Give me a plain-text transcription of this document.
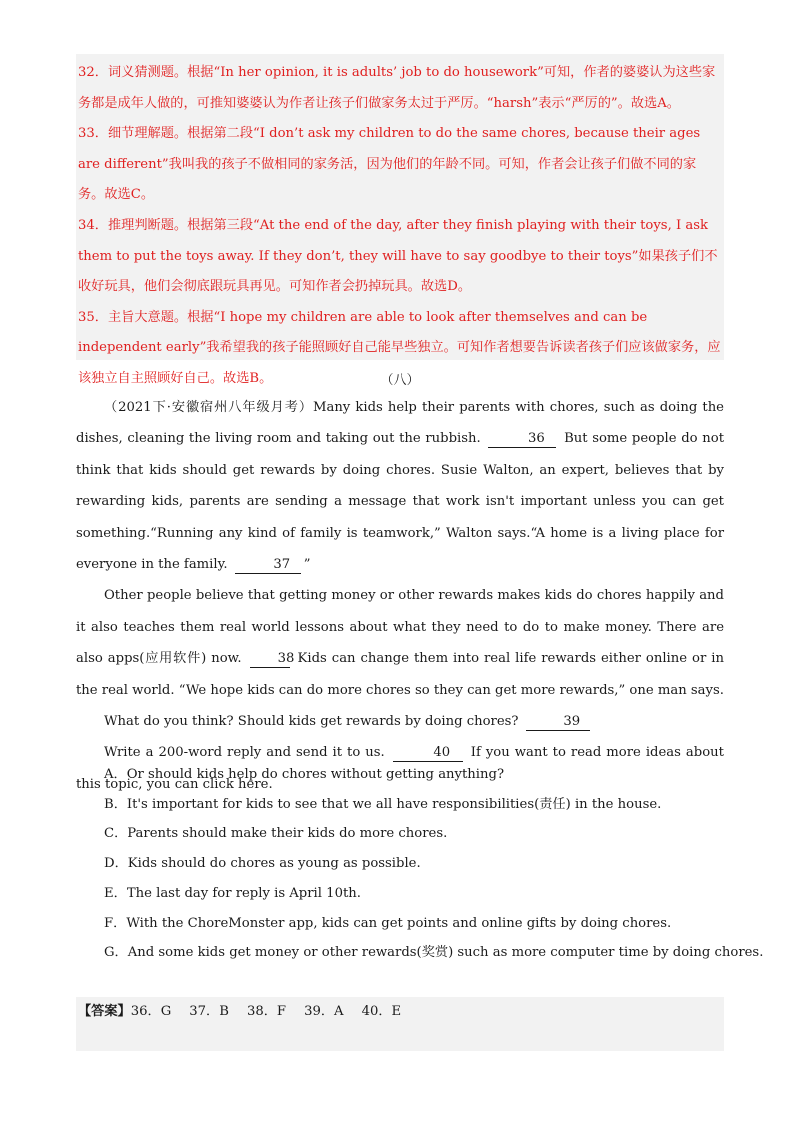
32．词义猜测题。根据“In her opinion, it is adults’ job to do housework”可知，作者的婆婆认为这些家务都是成年人做的，可推知婆婆认为作者让孩子们做家务太过于严厉。“harsh”表示“严厉的”。故选A。

33．细节理解题。根据第二段“I don’t ask my children to do the same chores, because their ages are different”我叫我的孩子不做相同的家务活，因为他们的年龄不同。可知，作者会让孩子们做不同的家务。故选C。

34．推理判断题。根据第三段“At the end of the day, after they finish playing with their toys, I ask them to put the toys away. If they don’t, they will have to say goodbye to their toys”如果孩子们不收好玩具，他们会彻底跟玩具再见。可知作者会扔掉玩具。故选D。

35．主旨大意题。根据“I hope my children are able to look after themselves and can be independent early”我希望我的孩子能照顾好自己能早些独立。可知作者想要告诉读者孩子们应该做家务，应该独立自主照顾好自己。故选B。	（八）

（2021下·安徽宿州八年级月考）Many kids help their parents with chores, such as doing the dishes, cleaning the living room and taking out the rubbish.	36 But some people do not think that kids should get rewards by doing chores. Susie Walton, an expert, believes that by rewarding kids, parents are sending a message that work isn't important unless you can get something.“Running any kind of family is teamwork,” Walton says.“A home is a living place for everyone in the family.	37 ”

Other people believe that getting money or other rewards makes kids do chores happily and it also teaches them real world lessons about what they need to do to make money. There are also apps(应用软件) now.	38 Kids can change them into real life rewards either online or in the real world. “We hope kids can do more chores so they can get more rewards,” one man says.

What do you think? Should kids get rewards by doing chores?	39

Write a 200-word reply and send it to us.	40 If you want to read more ideas about this topic, you can click here.

A．Or should kids help do chores without getting anything?
B．It's important for kids to see that we all have responsibilities(责任) in the house.
C．Parents should make their kids do more chores.
D．Kids should do chores as young as possible.
E．The last day for reply is April 10th.
F．With the ChoreMonster app, kids can get points and online gifts by doing chores.
G．And some kids get money or other rewards(奖赏) such as more computer time by doing chores.
【答案】36．G 37．B 38．F 39．A 40．E
